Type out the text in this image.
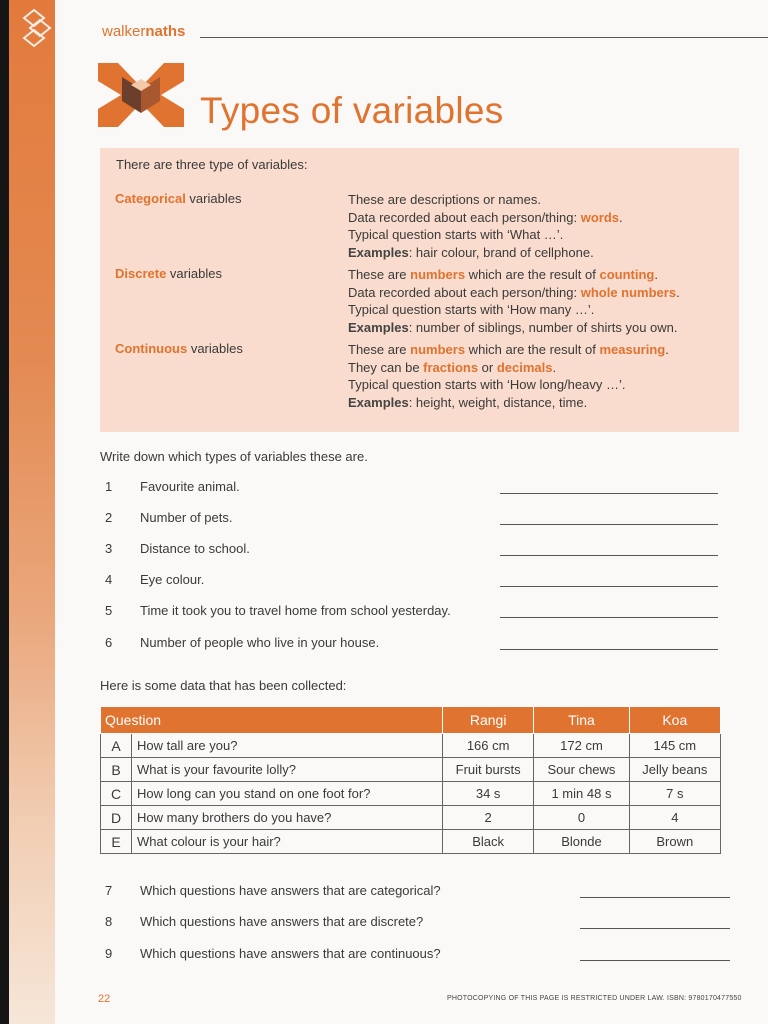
walkernaths
Types of variables
There are three type of variables:
Categorical variables	These are descriptions or names.
Data recorded about each person/thing: words.
Typical question starts with ‘What …’.
Examples: hair colour, brand of cellphone.
Discrete variables	These are numbers which are the result of counting.
Data recorded about each person/thing: whole numbers.
Typical question starts with ‘How many …’.
Examples: number of siblings, number of shirts you own.
Continuous variables	These are numbers which are the result of measuring.
They can be fractions or decimals.
Typical question starts with ‘How long/heavy …’.
Examples: height, weight, distance, time.
Write down which types of variables these are.
1 Favourite animal.
2 Number of pets.
3 Distance to school.
4 Eye colour.
5 Time it took you to travel home from school yesterday.
6 Number of people who live in your house.
Here is some data that has been collected:
Question		Rangi	Tina	Koa
A	How tall are you?	166 cm	172 cm	145 cm
B	What is your favourite lolly?	Fruit bursts	Sour chews	Jelly beans
C	How long can you stand on one foot for?	34 s	1 min 48 s	7 s
D	How many brothers do you have?	2	0	4
E	What colour is your hair?	Black	Blonde	Brown
7 Which questions have answers that are categorical?
8 Which questions have answers that are discrete?
9 Which questions have answers that are continuous?
22	PHOTOCOPYING OF THIS PAGE IS RESTRICTED UNDER LAW. ISBN: 9780170477550
